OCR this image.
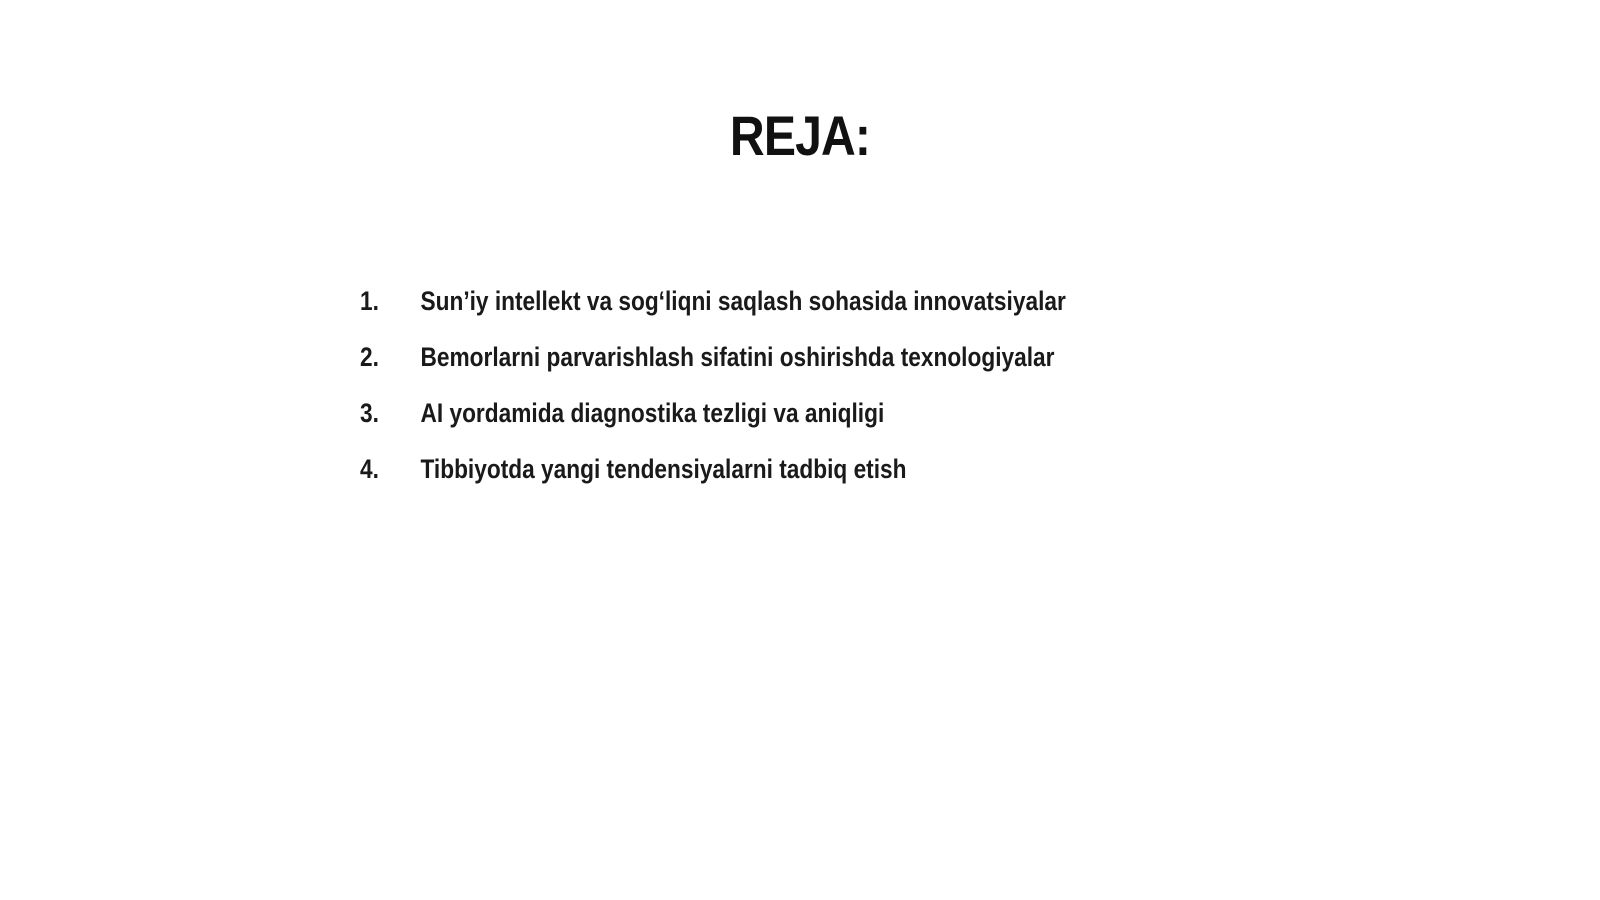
REJA:
1.	Sun’iy intellekt va sog‘liqni saqlash sohasida innovatsiyalar
2.	Bemorlarni parvarishlash sifatini oshirishda texnologiyalar
3.	AI yordamida diagnostika tezligi va aniqligi
4.	Tibbiyotda yangi tendensiyalarni tadbiq etish
